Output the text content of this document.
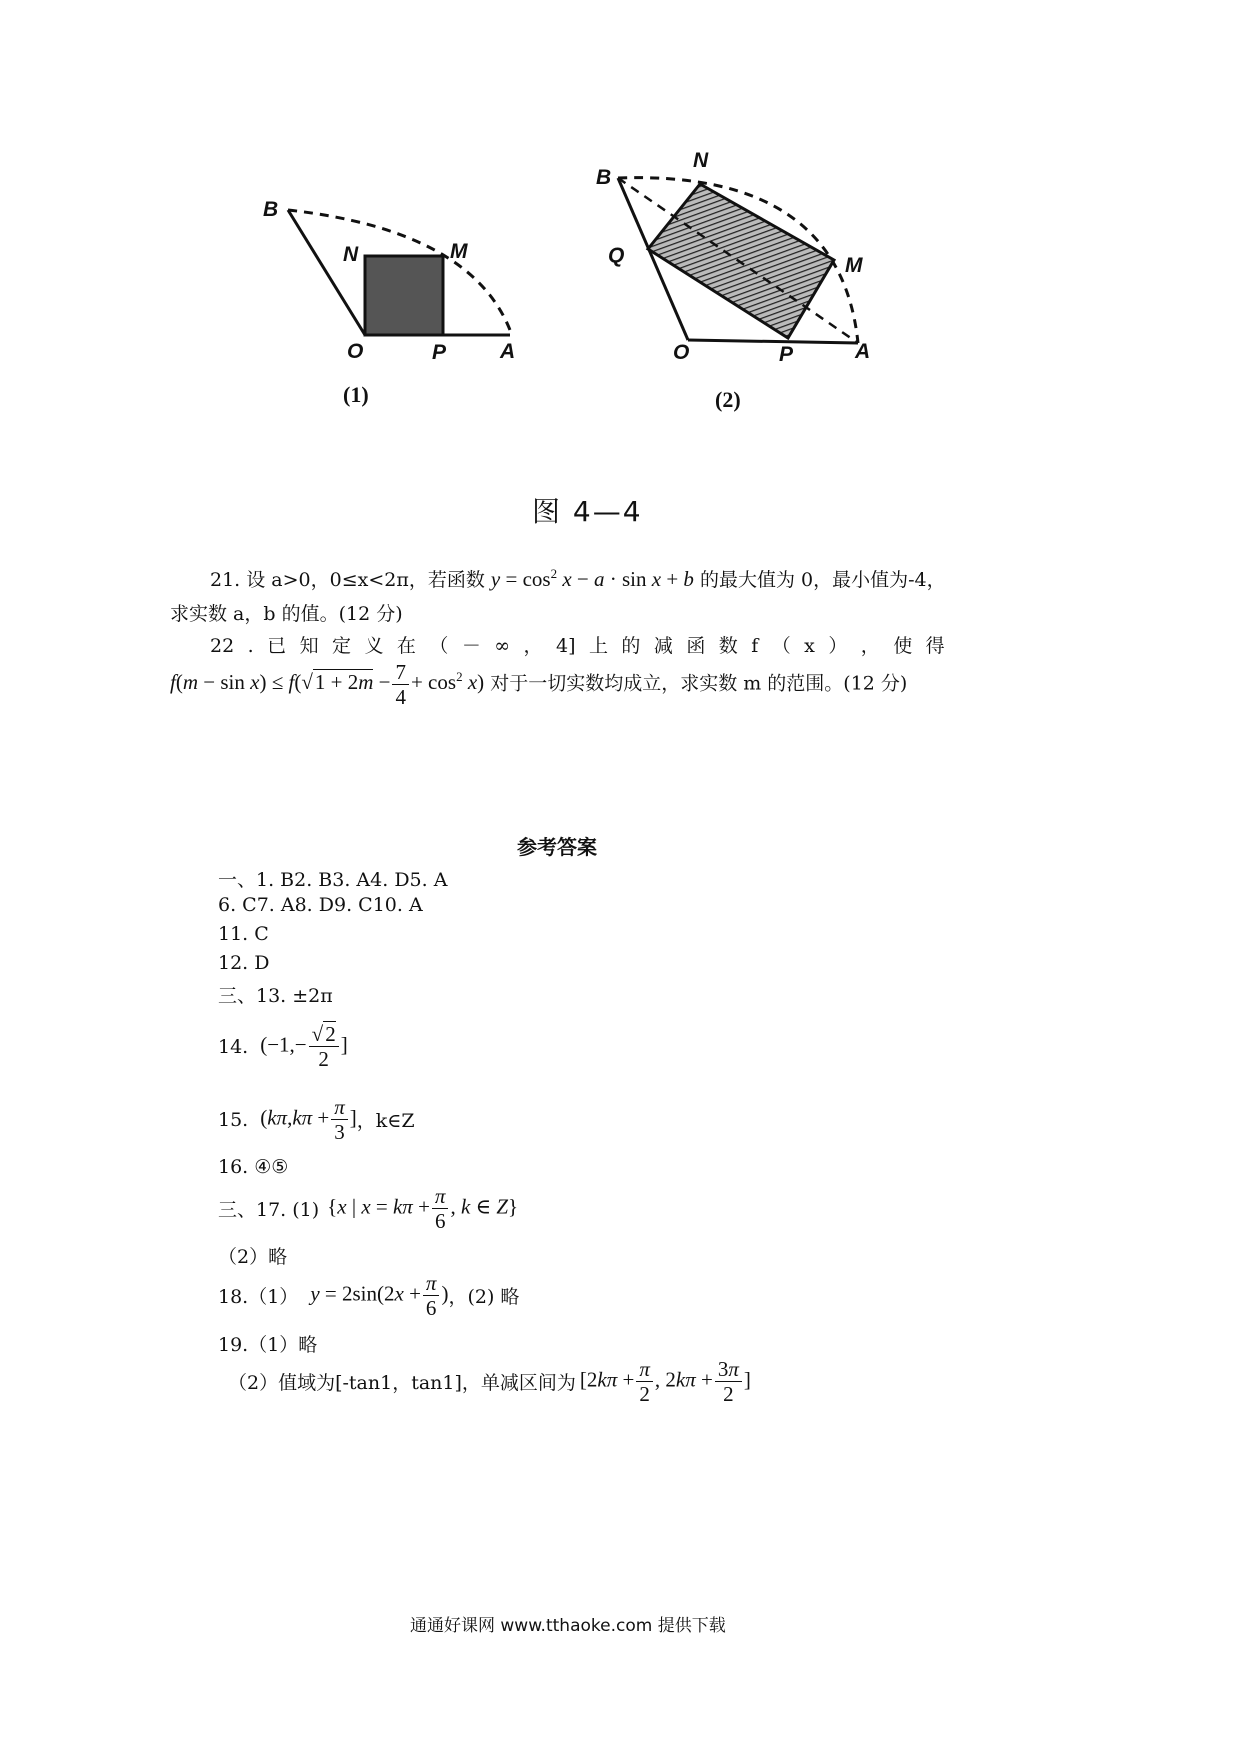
B
N	M
O	P	A
(1)
B
N
Q	M
O	P	A
(2)
图 4—4
21. 设 a>0，0≤x<2π，若函数 $y = \cos^2 x - a \cdot \sin x + b$ 的最大值为 0，最小值为-4，
求实数 a，b 的值。(12 分)
22 . 已 知 定 义 在 （ － ∞ ， 4] 上 的 减 函 数 f （ x ） ， 使 得
$f(m - \sin x) \le f(√1 + 2m - \frac{7}{4} + \cos^2 x)$ 对于一切实数均成立，求实数 m 的范围。(12 分)
参考答案
一、1. B2. B3. A4. D5. A
6. C7. A8. D9. C10. A
11. C
12. D
三、13. ±2π
14. ($-1,- \frac{√2}{2}$ ]
15. ($k\pi,k\pi + \frac{\pi}{3}$ ] ，k∈Z
16. ④⑤
三、17. (1) {x | $x = k\pi + \frac{\pi}{6}$ , k ∈ Z}
（2）略
18.（1） $y = 2\sin(2x + \frac{\pi}{6}$ ) ，(2) 略
19.（1）略
（2）值域为[-tan1，tan1]，单减区间为 [$2k\pi + \frac{\pi}{2}$ , $2k\pi + \frac{3\pi}{2}$ ]
通通好课网 www.tthaoke.com 提供下载
